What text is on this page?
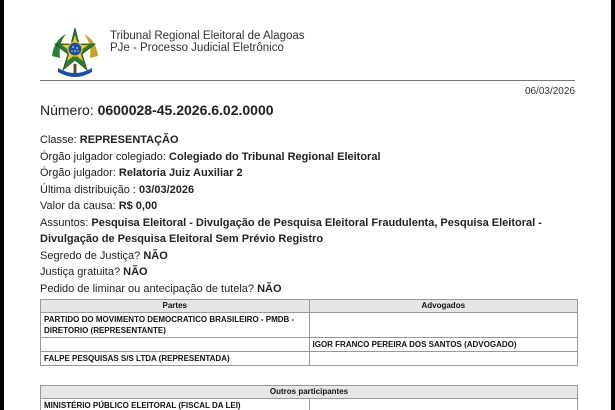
Tribunal Regional Eleitoral de Alagoas
PJe - Processo Judicial Eletrônico
06/03/2026
Número: 0600028-45.2026.6.02.0000
Classe: REPRESENTAÇÃO
Órgão julgador colegiado: Colegiado do Tribunal Regional Eleitoral
Órgão julgador: Relatoria Juiz Auxiliar 2
Última distribuição : 03/03/2026
Valor da causa: R$ 0,00
Assuntos: Pesquisa Eleitoral - Divulgação de Pesquisa Eleitoral Fraudulenta, Pesquisa Eleitoral - Divulgação de Pesquisa Eleitoral Sem Prévio Registro
Segredo de Justiça? NÃO
Justiça gratuita? NÃO
Pedido de liminar ou antecipação de tutela? NÃO
Partes	Advogados
PARTIDO DO MOVIMENTO DEMOCRATICO BRASILEIRO - PMDB - DIRETORIO (REPRESENTANTE)	
	IGOR FRANCO PEREIRA DOS SANTOS (ADVOGADO)
FALPE PESQUISAS S/S LTDA (REPRESENTADA)	
Outros participantes
MINISTÉRIO PÚBLICO ELEITORAL (FISCAL DA LEI)	
